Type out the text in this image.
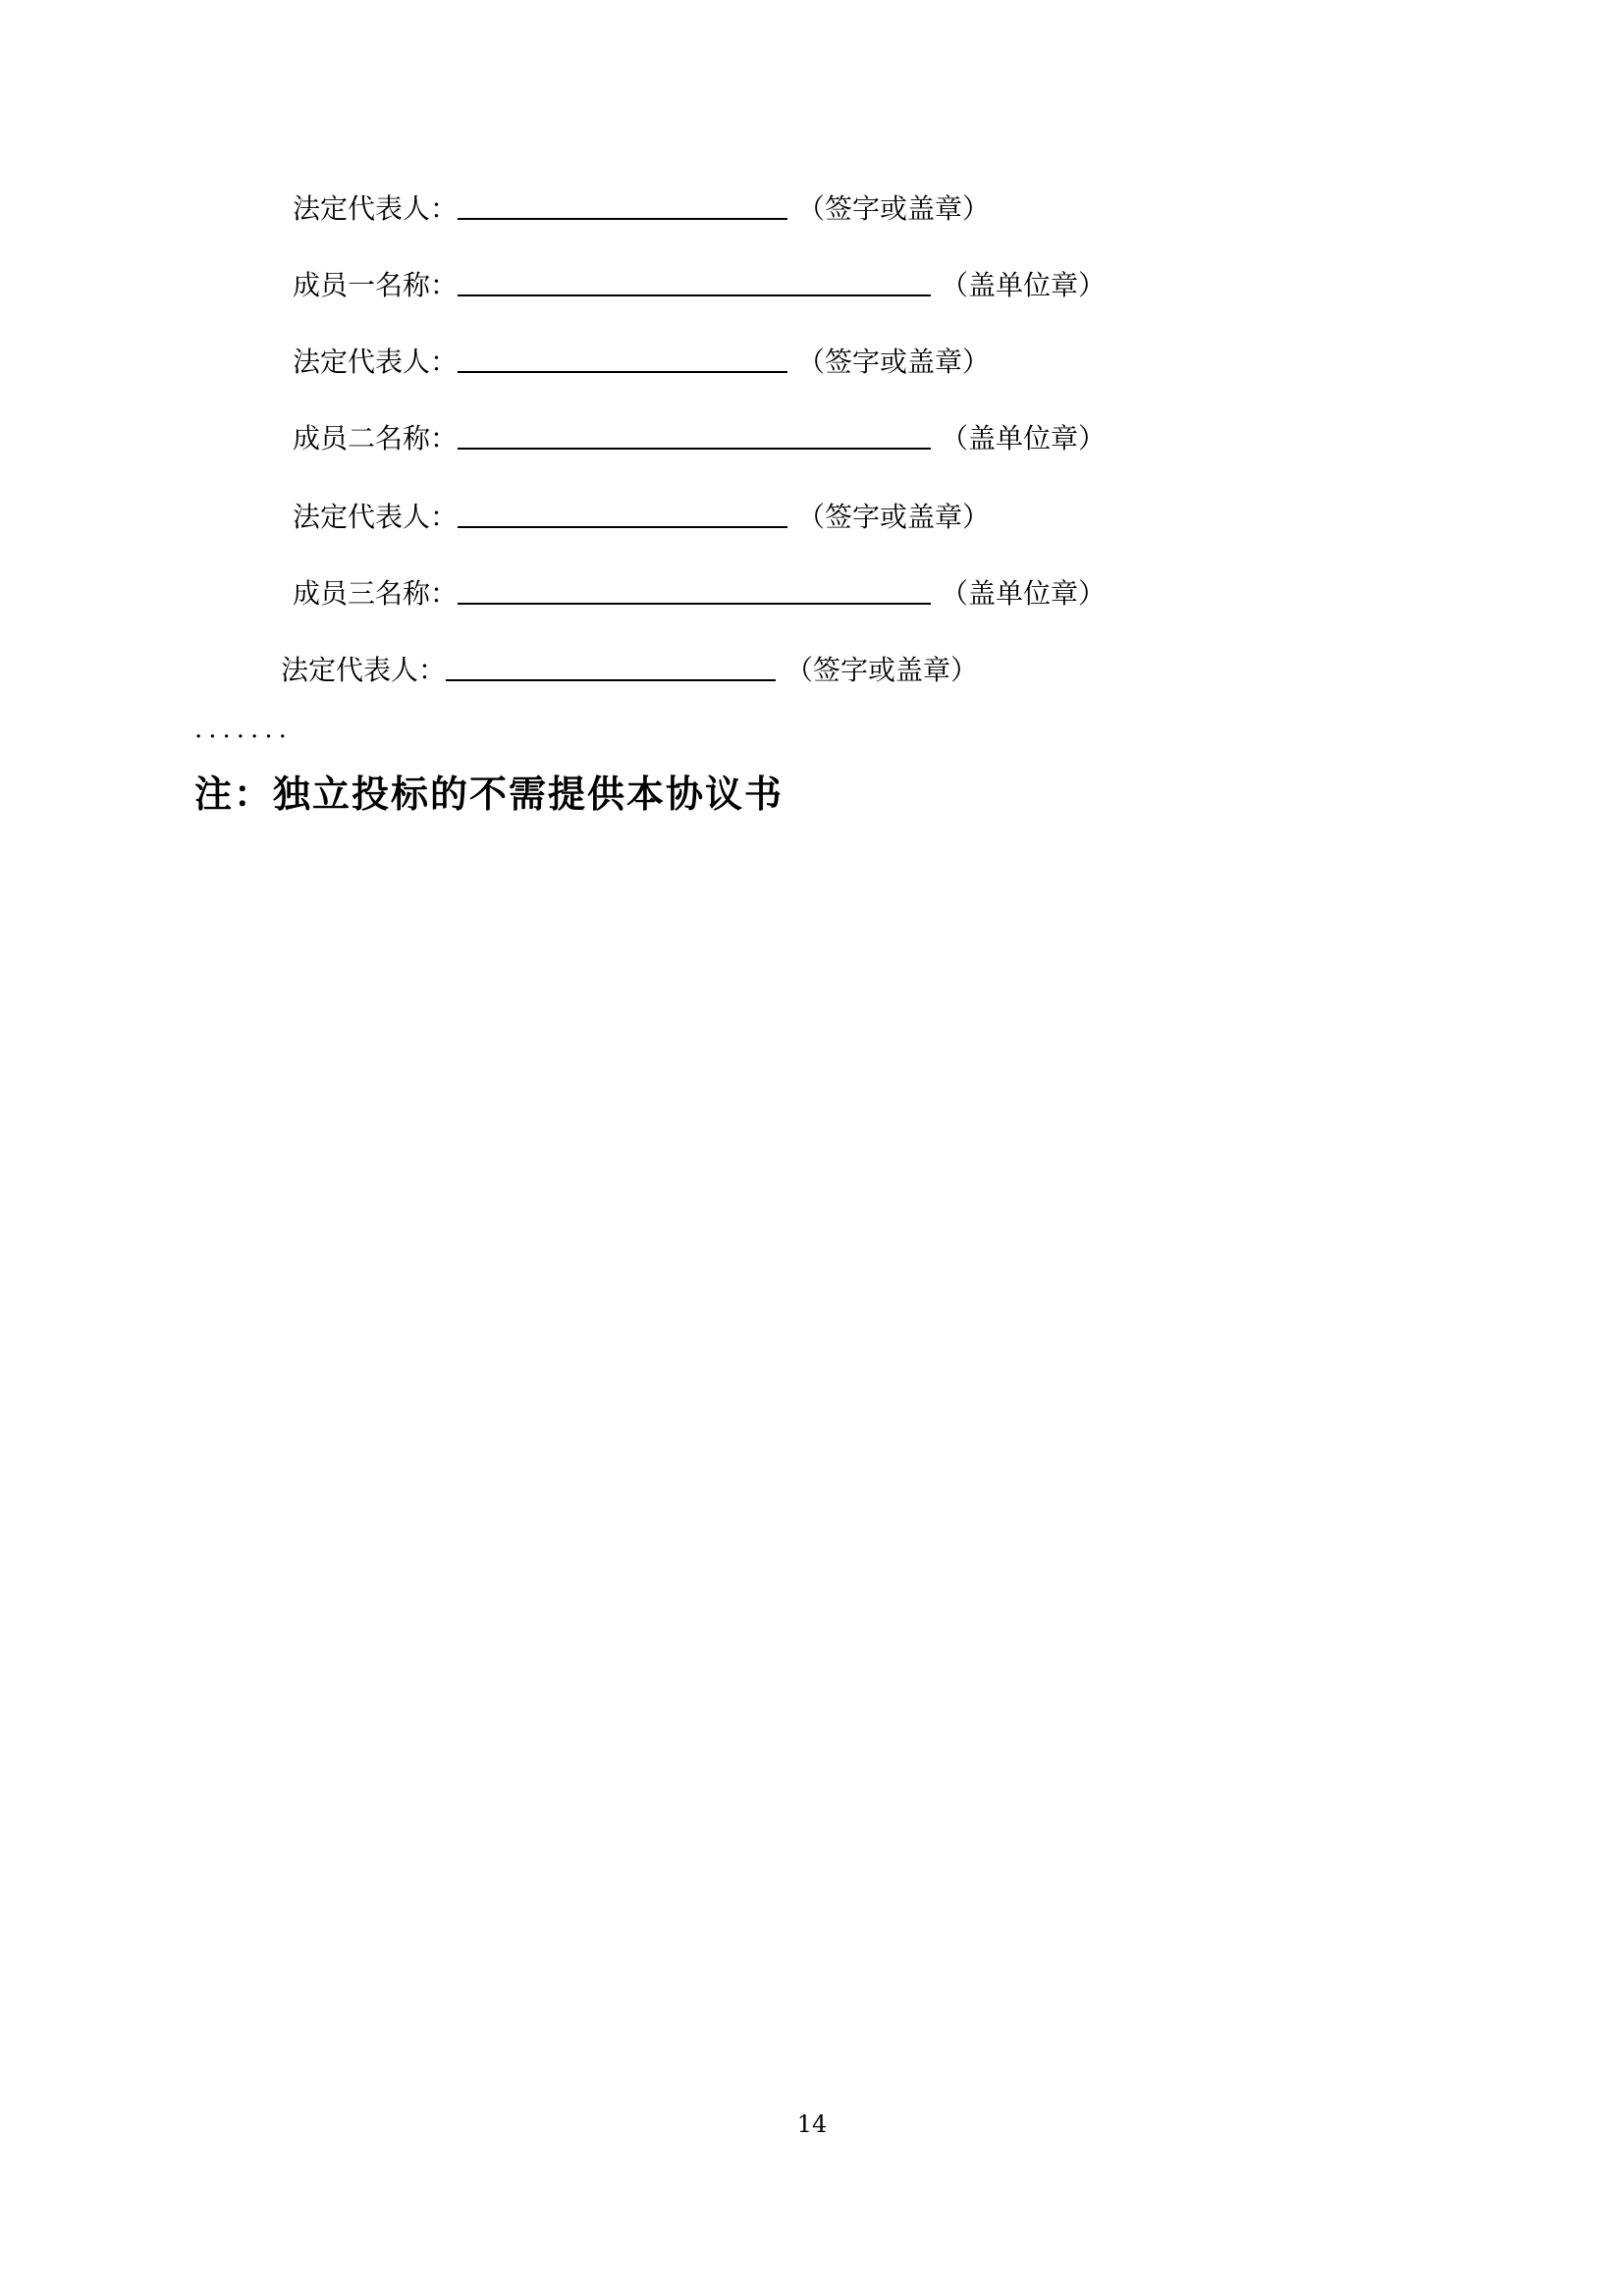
法定代表人：	（签字或盖章）
成员一名称：	（盖单位章）
法定代表人：	（签字或盖章）
成员二名称：	（盖单位章）
法定代表人：	（签字或盖章）
成员三名称：	（盖单位章）
法定代表人：	（签字或盖章）
.......
注：独立投标的不需提供本协议书
14
